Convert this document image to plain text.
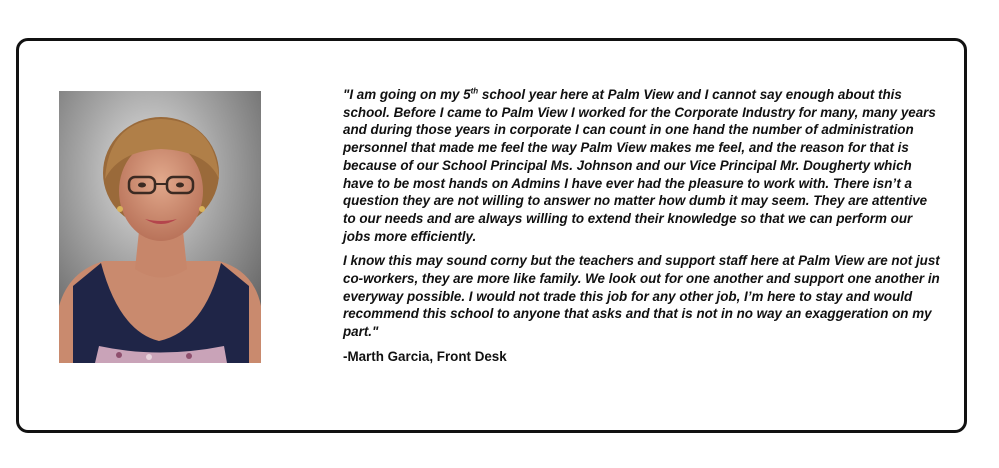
"I am going on my 5th school year here at Palm View and I cannot say enough about this school. Before I came to Palm View I worked for the Corporate Industry for many, many years and during those years in corporate I can count in one hand the number of administration personnel that made me feel the way Palm View makes me feel, and the reason for that is because of our School Principal Ms. Johnson and our Vice Principal Mr. Dougherty which have to be most hands on Admins I have ever had the pleasure to work with. There isn’t a question they are not willing to answer no matter how dumb it may seem. They are attentive to our needs and are always willing to extend their knowledge so that we can perform our jobs more efficiently.

I know this may sound corny but the teachers and support staff here at Palm View are not just co-workers, they are more like family. We look out for one another and support one another in everyway possible. I would not trade this job for any other job, I’m here to stay and would recommend this school to anyone that asks and that is not in no way an exaggeration on my part."

-Marth Garcia, Front Desk
